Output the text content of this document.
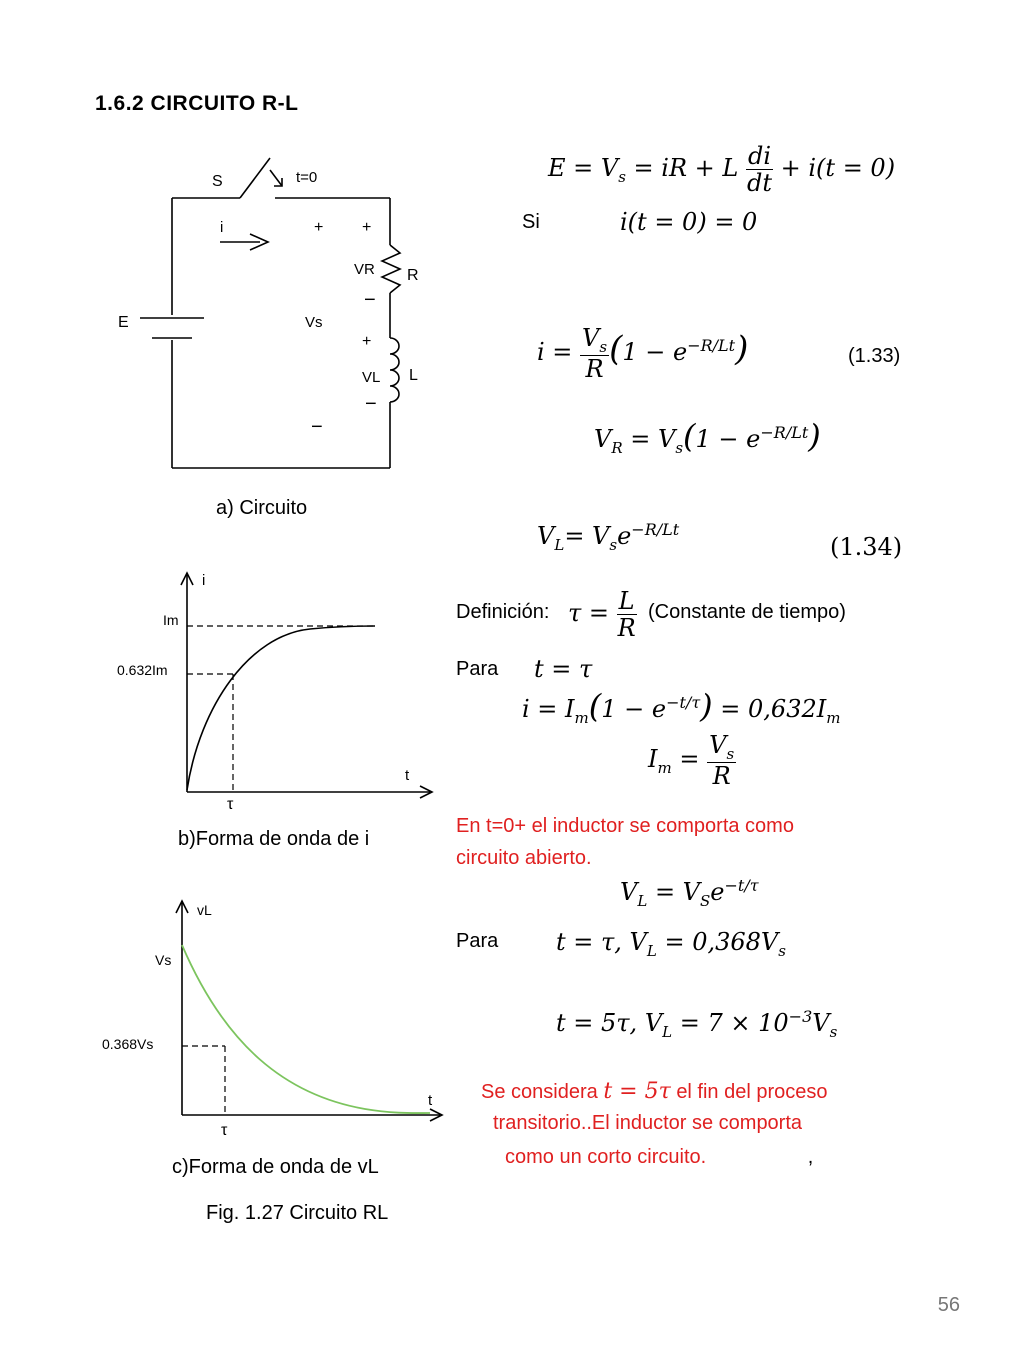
1.6.2 CIRCUITO R-L
S	t=0
i	+ +
VR R
−
E	Vs
+
VL L
−
−
a) Circuito
i
Im
0.632Im
t
τ
b)Forma de onda de i
vL
Vs
0.368Vs
t
τ
c)Forma de onda de vL
Fig. 1.27 Circuito RL
$E = V_s$ = iR + L $\frac{di}{dt} + i(t = 0)$
Si	i(t = 0) = 0
$i = \frac{V_s}{R} (1 - e^{-R/Lt})$	(1.33)
$V_R = V_s(1 - e^{-R/Lt})$
$V_L= V_se^{-R/Lt}$
(1.34)
Definición: $\tau = \frac{L}{R}$ (Constante de tiempo)
Para t = τ
$i = I_m(1 - e^{-t/\tau}) = 0,632I_m$
$I_m = \frac{V_s}{R}$
En t=0+ el inductor se comporta como
circuito abierto.
$V_L = V_Se^{-t/\tau}$
Para t = τ, $V_L = 0,368V_s$
t = 5τ, $V_L = 7 \times 10^{-3}V_s$
Se considera t = 5τ el fin del proceso
transitorio..El inductor se comporta
como un corto circuito.	,
56
